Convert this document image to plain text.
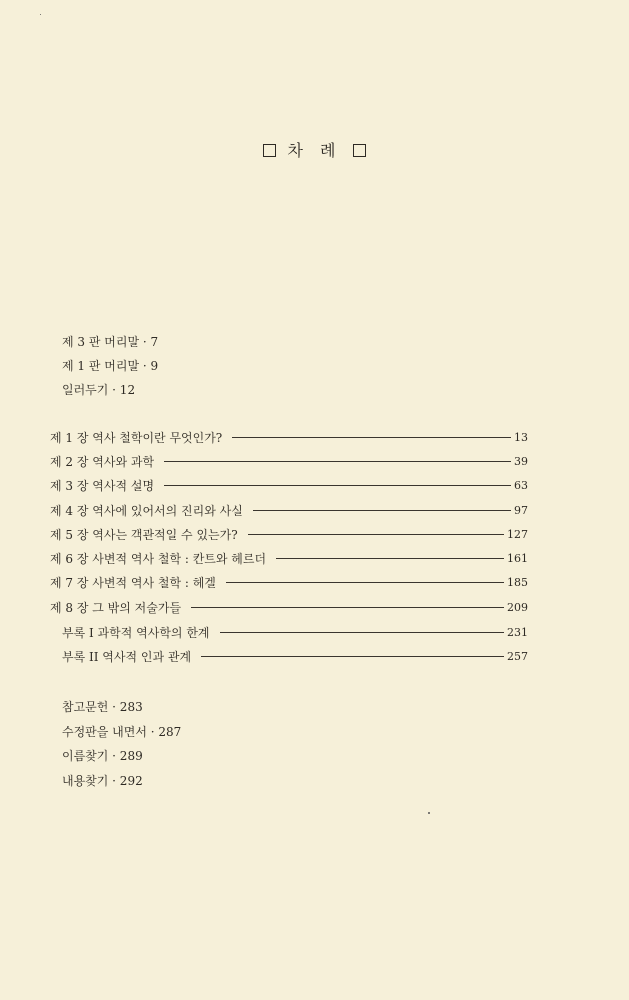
차 례
제 3 판 머리말 · 7
제 1 판 머리말 · 9
일러두기 · 12
제 1 장 역사 철학이란 무엇인가?	13
제 2 장 역사와 과학	39
제 3 장 역사적 설명	63
제 4 장 역사에 있어서의 진리와 사실	97
제 5 장 역사는 객관적일 수 있는가?	127
제 6 장 사변적 역사 철학 : 칸트와 헤르더	161
제 7 장 사변적 역사 철학 : 헤겔	185
제 8 장 그 밖의 저술가들	209
부록 I 과학적 역사학의 한계	231
부록 II 역사적 인과 관계	257
참고문헌 · 283
수정판을 내면서 · 287
이름찾기 · 289
내용찾기 · 292
